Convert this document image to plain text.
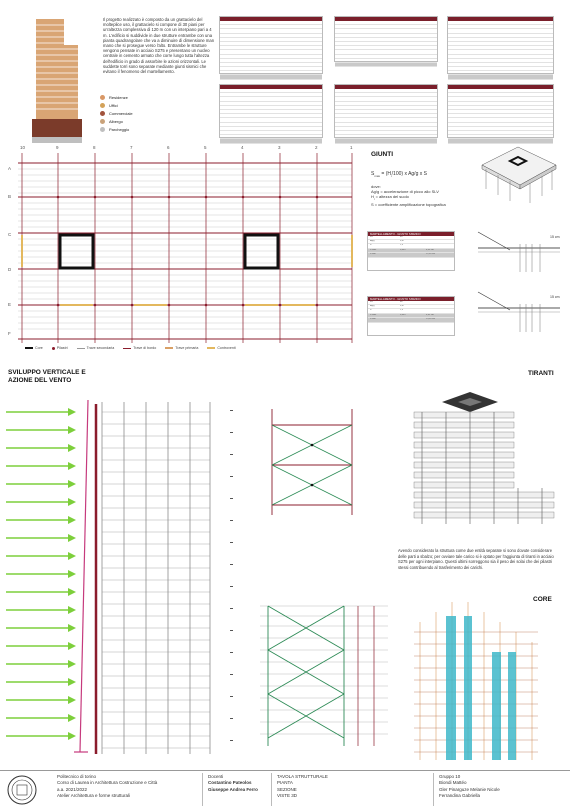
Il progetto realizzato è composto da un grattacielo del molteplice uso, il grattacielo si compone di 30 piani per un'altezza complessiva di 120 m con un interpiano pari a 4 m. L'edificio si suddivide in due strutture entrambe con una pianta quadrangolare che va a diminuire di dimensione man mano che si prosegue verso l'alto. Entrambe le strutture vengono pensate in acciaio S275 e presentano un nucleo centrale in cemento armato che corre lungo tutta l'altezza dell'edificio in grado di assorbire le azioni orizzontali. Le suddette torri sono separate mediante giunti sismici che evitano il fenomeno del martellamento.
Residenze
Uffici
Commerciale
Albergo
Parcheggio
10	9	8	7	6	5	4	3	2	1
A
B
C
D
E
F
Core	Pilastri	Trave secondaria	Trave di bordo	Trave primaria	Controventi
GIUNTI
$S_{max} = (H_i/100)$ x Ag/g x S
dove:
Ag/g = accelerazione di picco allo SLV
$H_i$ = altezza del suolo
S = coefficiente amplificazione topografica
MARTELLAMENTO - GIUNTO SISMICO
H1	60
Ag/g	0,07
S	1,5
S max	0,063	6,30 cm
S min	12,30 cm
MARTELLAMENTO - GIUNTO SISMICO
H1	66
Ag/g	0,07
S	1,5
S max	0,063	6,93 cm
S min	13,30 cm
15 cm
15 cm
SVILUPPO VERTICALE E
AZIONE DEL VENTO
TIRANTI
Avendo considerato la struttura come due entità separate si sono dovute considerare delle parti a sbalzo; per ovviare tale carico si è optato per l'aggiunta di tiranti in acciaio S275 per ogni interpiano. Questi ultimi sorreggono sia il peso dei solai che dei pilastri stessi contribuendo al trasferimento dei carichi.
CORE
Politecnico di torino
Corso di Laurea in Architettura Costruzione e Città
a.a. 2021/2022
Atelier Architettura e forme strutturali
Docenti
Costantino Pateolos
Giuseppe Andrea Ferro
TAVOLA STRUTTURALE
PIANTA
SEZIONE
VISTE 3D
Gruppo 10
Biondi Mattéo
Gler Pinarguze Melanie Nicole
Ferrandina Gabriella
